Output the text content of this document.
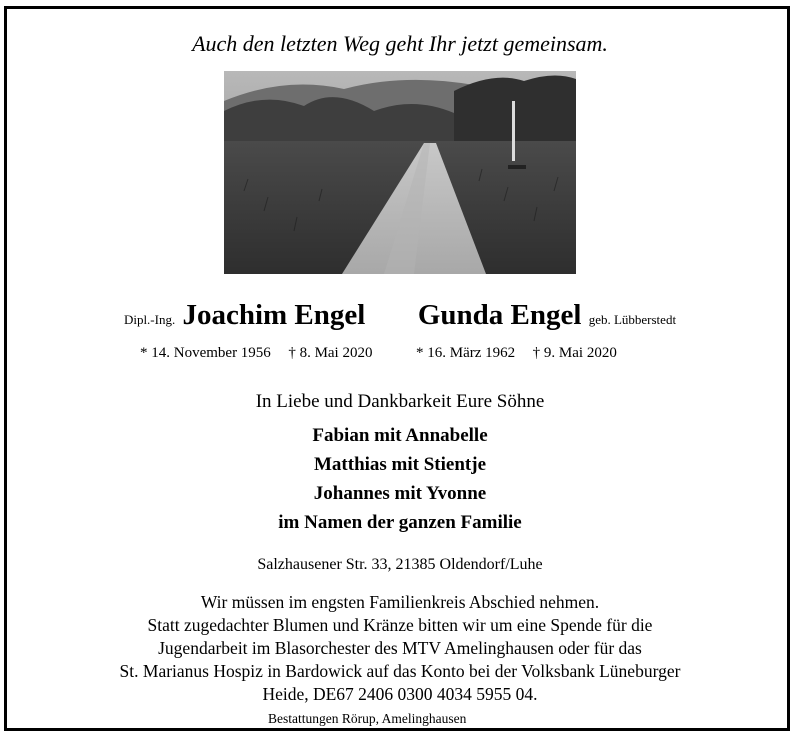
Auch den letzten Weg geht Ihr jetzt gemeinsam.
Dipl.-Ing. Joachim Engel Gunda Engel geb. Lübberstedt
* 14. November 1956 † 8. Mai 2020	* 16. März 1962 † 9. Mai 2020
In Liebe und Dankbarkeit Eure Söhne
Fabian mit Annabelle
Matthias mit Stientje
Johannes mit Yvonne
im Namen der ganzen Familie
Salzhausener Str. 33, 21385 Oldendorf/Luhe
Wir müssen im engsten Familienkreis Abschied nehmen.
Statt zugedachter Blumen und Kränze bitten wir um eine Spende für die
Jugendarbeit im Blasorchester des MTV Amelinghausen oder für das
St. Marianus Hospiz in Bardowick auf das Konto bei der Volksbank Lüneburger
Heide, DE67 2406 0300 4034 5955 04.
Bestattungen Rörup, Amelinghausen
